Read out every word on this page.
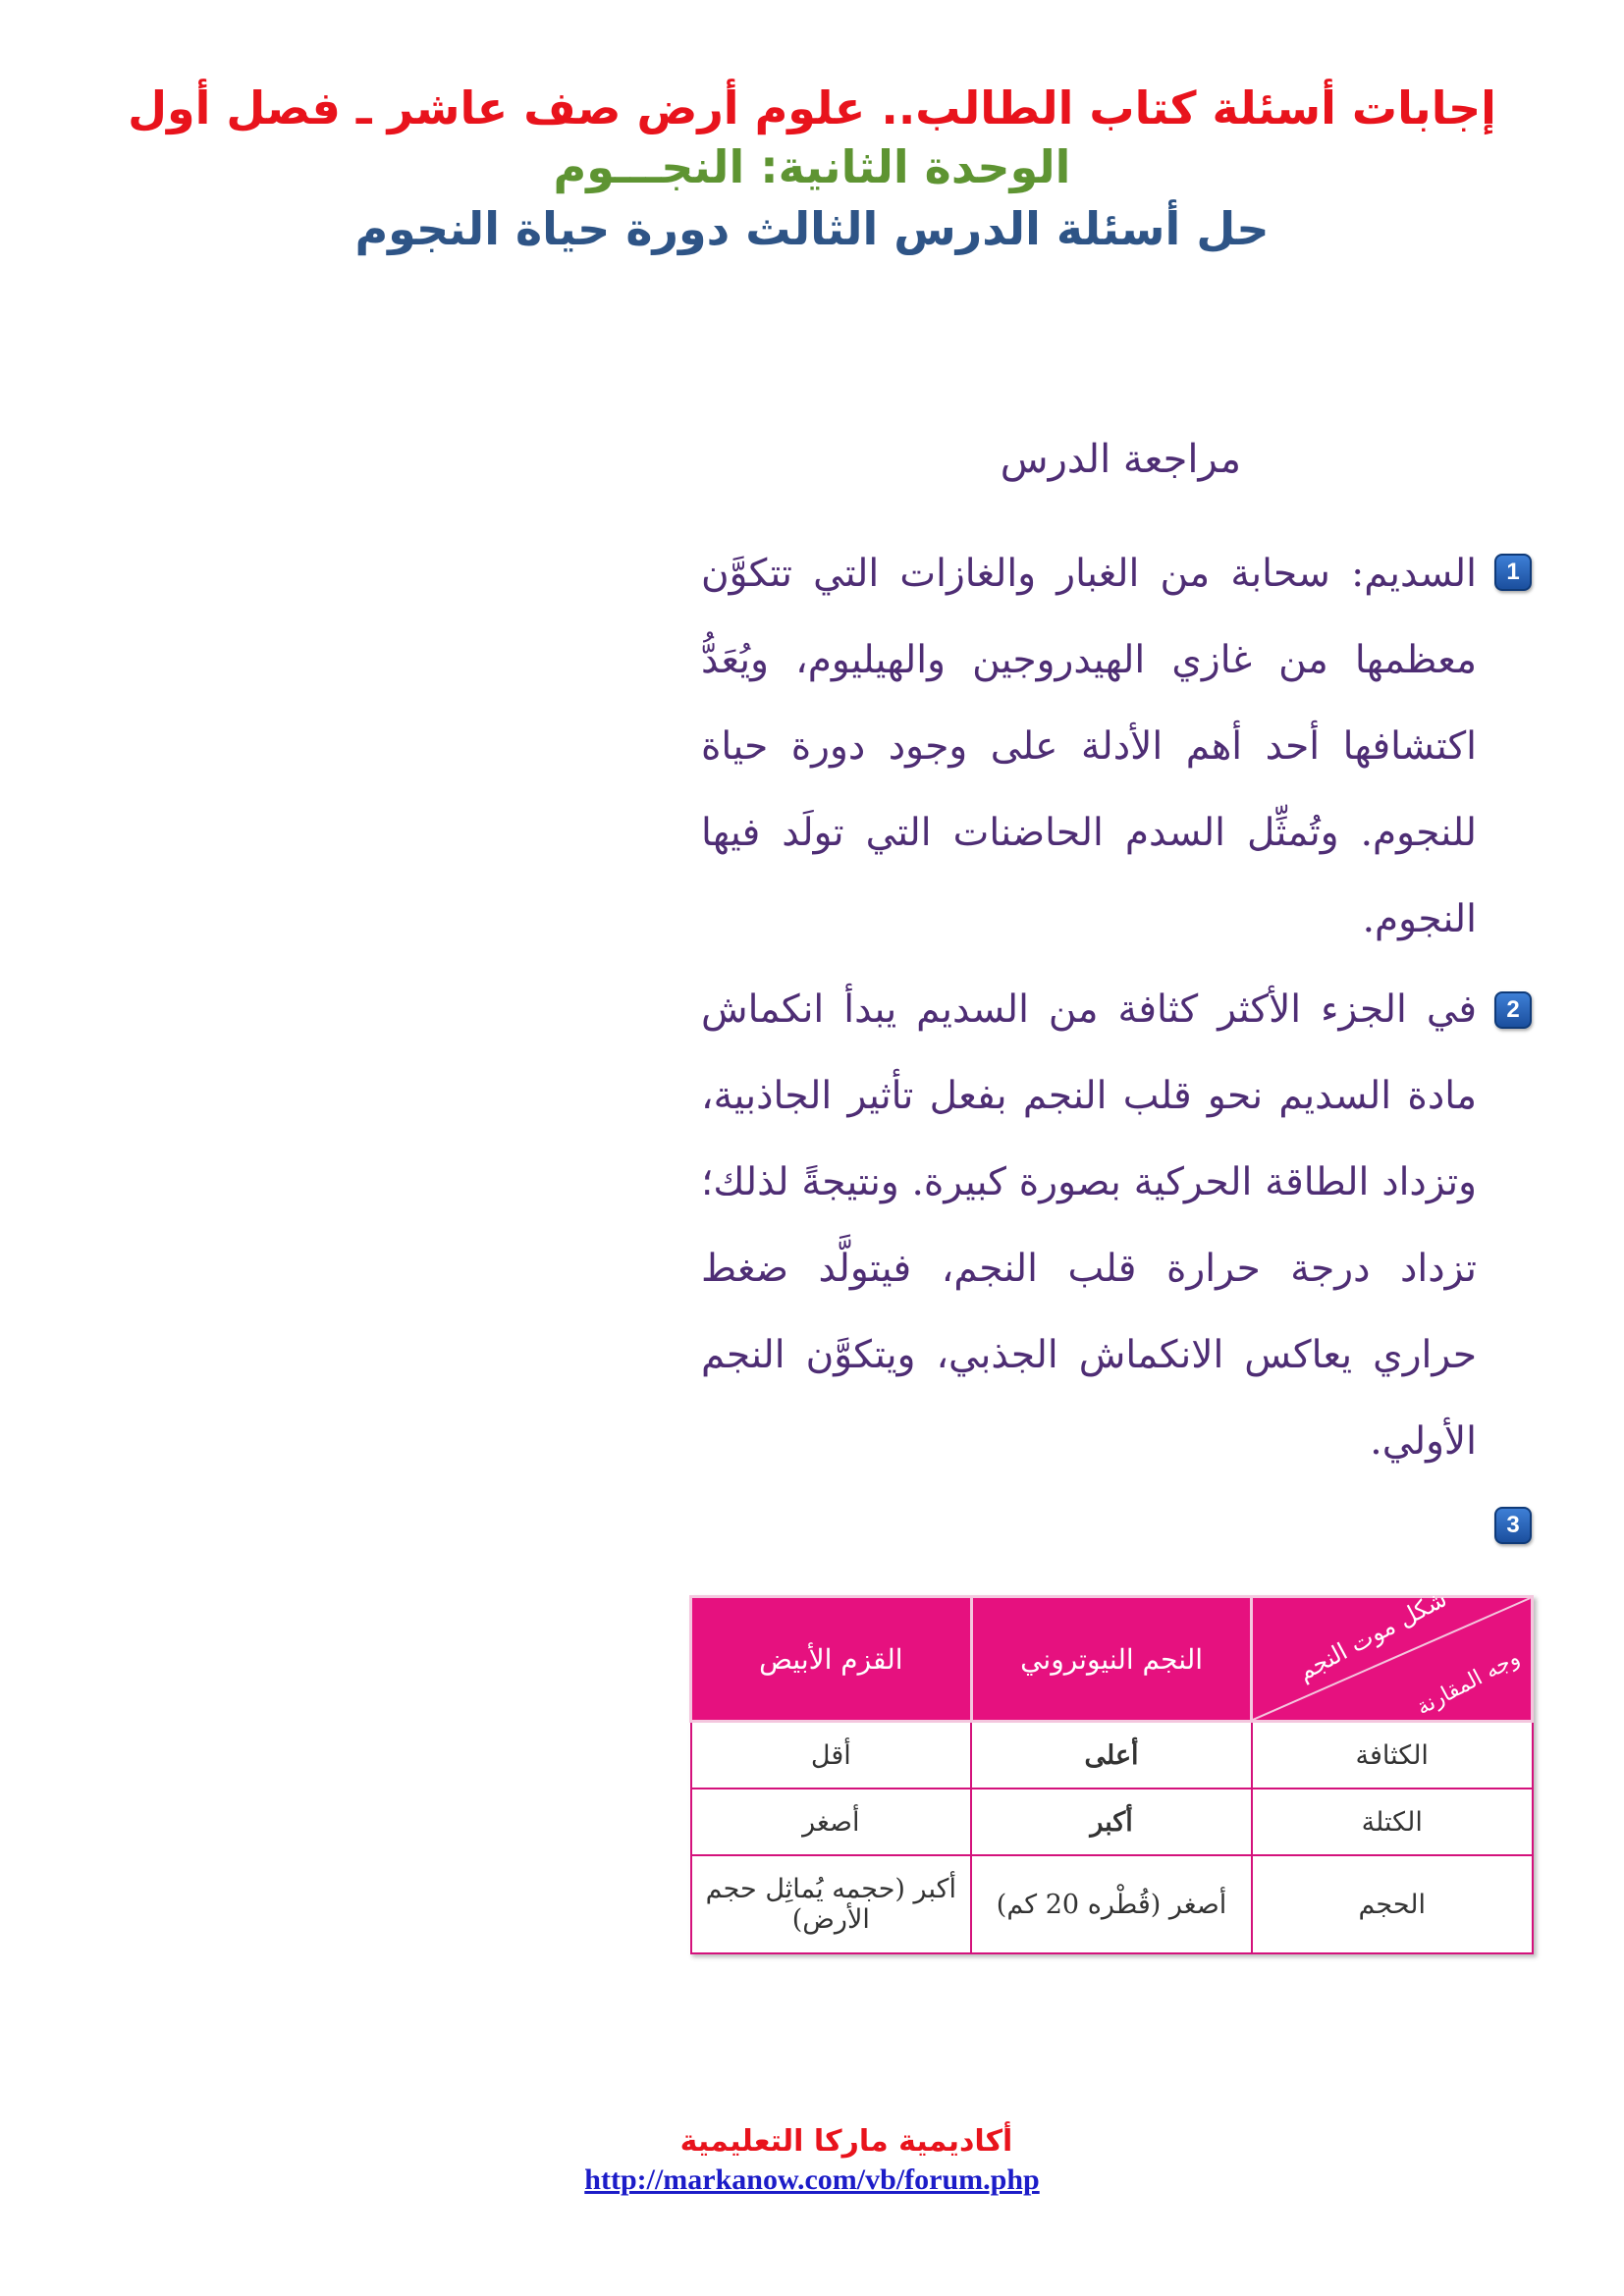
إجابات أسئلة كتاب الطالب.. علوم أرض صف عاشر ـ فصل أول
الوحدة الثانية: النجـــوم
حل أسئلة الدرس الثالث دورة حياة النجوم
مراجعة الدرس
1
السديم: سحابة من الغبار والغازات التي تتكوَّن معظمها من غازي الهيدروجين والهيليوم، ويُعَدُّ اكتشافها أحد أهم الأدلة على وجود دورة حياة للنجوم. وتُمثِّل السدم الحاضنات التي تولَد فيها النجوم.
2
في الجزء الأكثر كثافة من السديم يبدأ انكماش مادة السديم نحو قلب النجم بفعل تأثير الجاذبية، وتزداد الطاقة الحركية بصورة كبيرة. ونتيجةً لذلك؛ تزداد درجة حرارة قلب النجم، فيتولَّد ضغط حراري يعاكس الانكماش الجذبي، ويتكوَّن النجم الأولي.
3
شكل موت النجم
وجه المقارنة	النجم النيوتروني	القزم الأبيض
الكثافة	أعلى	أقل
الكتلة	أكبر	أصغر
الحجم	أصغر (قُطْره 20 كم)	أكبر (حجمه يُماثِل حجم الأرض)
أكاديمية ماركا التعليمية
http://markanow.com/vb/forum.php
